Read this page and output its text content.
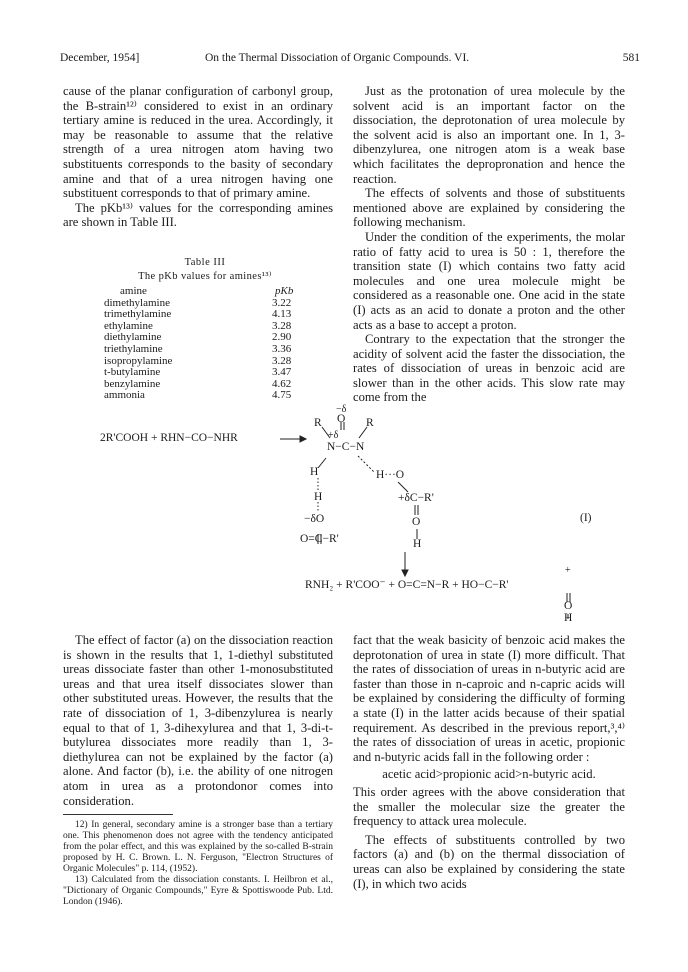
December, 1954]	On the Thermal Dissociation of Organic Compounds. VI.	581

cause of the planar configuration of carbonyl group, the B-strain¹²⁾ considered to exist in an ordinary tertiary amine is reduced in the urea. Accordingly, it may be reasonable to assume that the relative strength of a urea nitrogen atom having two substituents corresponds to the basity of secondary amine and that of a urea nitrogen having one substituent corresponds to that of primary amine.

The pKb¹³⁾ values for the corresponding amines are shown in Table III.

Table III
The pKb values for amines¹³⁾
amine	pKb
dimethylamine	3.22
trimethylamine	4.13
ethylamine	3.28
diethylamine	2.90
triethylamine	3.36
isopropylamine	3.28
t-butylamine	3.47
benzylamine	4.62
ammonia	4.75

Just as the protonation of urea molecule by the solvent acid is an important factor on the dissociation, the deprotonation of urea molecule by the solvent acid is also an important one. In 1, 3-dibenzylurea, one nitrogen atom is a weak base which facilitates the depropronation and hence the reaction.

The effects of solvents and those of substituents mentioned above are explained by considering the following mechanism.

Under the condition of the experiments, the molar ratio of fatty acid to urea is 50 : 1, therefore the transition state (I) which contains two fatty acid molecules and one urea molecule might be considered as a reasonable one. One acid in the state (I) acts as an acid to donate a proton and the other acts as a base to accept a proton.

Contrary to the expectation that the stronger the acidity of solvent acid the faster the dissociation, the rates of dissociation of ureas in benzoic acid are slower than in the other acids. This slow rate may come from the

2R'COOH + RHN−CO−NHR
−δ
O
R	R
+δ
N−C−N
H	H···O
H	+δC−R'
−δO	O
O=C−R'	H
(I)
+
RNH₂ + R'COO⁻ + O=C=N−R + HO−C−R'
O
H

The effect of factor (a) on the dissociation reaction is shown in the results that 1, 1-diethyl substituted ureas dissociate faster than other 1-monosubstituted ureas and that urea itself dissociates slower than other substituted ureas. However, the results that the rate of dissociation of 1, 3-dibenzylurea is nearly equal to that of 1, 3-dihexylurea and that 1, 3-di-t-butylurea dissociates more readily than 1, 3-diethylurea can not be explained by the factor (a) alone. And factor (b), i.e. the ability of one nitrogen atom in urea as a protondonor comes into consideration.

12) In general, secondary amine is a stronger base than a tertiary one. This phenomenon does not agree with the tendency anticipated from the polar effect, and this was explained by the so-called B-strain proposed by H. C. Brown. L. N. Ferguson, "Electron Structures of Organic Molecules" p. 114, (1952).

13) Calculated from the dissociation constants. I. Heilbron et al., "Dictionary of Organic Compounds," Eyre & Spottiswoode Pub. Ltd. London (1946).

fact that the weak basicity of benzoic acid makes the deprotonation of urea in state (I) more difficult. That the rates of dissociation of ureas in n-butyric acid are faster than those in n-caproic and n-capric acids will be explained by considering the difficulty of forming a state (I) in the latter acids because of their spatial requirement. As described in the previous report,³,⁴⁾ the rates of dissociation of ureas in acetic, propionic and n-butyric acids fall in the following order :

acetic acid>propionic acid>n-butyric acid.

This order agrees with the above consideration that the smaller the molecular size the greater the frequency to attack urea molecule.

The effects of substituents controlled by two factors (a) and (b) on the thermal dissociation of ureas can also be explained by considering the state (I), in which two acids
